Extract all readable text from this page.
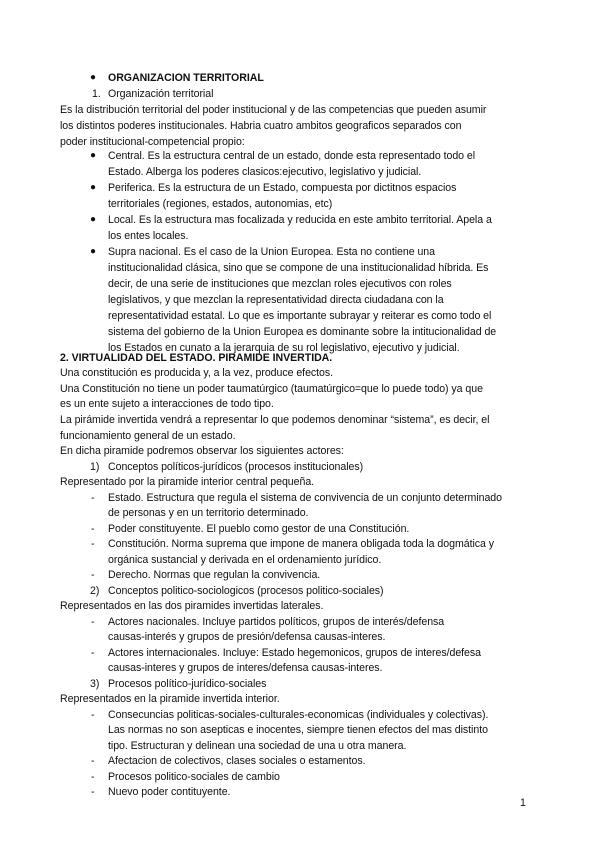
● ORGANIZACION TERRITORIAL
1. Organización territorial
Es la distribución territorial del poder institucional y de las competencias que pueden asumir
los distintos poderes institucionales. Habria cuatro ambitos geograficos separados con
poder institucional-competencial propio:
● Central. Es la estructura central de un estado, donde esta representado todo el
Estado. Alberga los poderes clasicos:ejecutivo, legislativo y judicial.
● Periferica. Es la estructura de un Estado, compuesta por dictitnos espacios
territoriales (regiones, estados, autonomias, etc)
● Local. Es la estructura mas focalizada y reducida en este ambito territorial. Apela a
los entes locales.
● Supra nacional. Es el caso de la Union Europea. Esta no contiene una
institucionalidad clásica, sino que se compone de una institucionalidad híbrida. Es
decir, de una serie de instituciones que mezclan roles ejecutivos con roles
legislativos, y que mezclan la representatividad directa ciudadana con la
representatividad estatal. Lo que es importante subrayar y reiterar es como todo el
sistema del gobierno de la Union Europea es dominante sobre la intitucionalidad de
los Estados en cunato a la jerarquia de su rol legislativo, ejecutivo y judicial.
2. VIRTUALIDAD DEL ESTADO. PIRAMIDE INVERTIDA.
Una constitución es producida y, a la vez, produce efectos.
Una Constitución no tiene un poder taumatúrgico (taumatúrgico=que lo puede todo) ya que
es un ente sujeto a interacciones de todo tipo.
La pirámide invertida vendrá a representar lo que podemos denominar “sistema”, es decir, el
funcionamiento general de un estado.
En dicha piramide podremos observar los siguientes actores:
1) Conceptos políticos-jurídicos (procesos institucionales)
Representado por la piramide interior central pequeña.
- Estado. Estructura que regula el sistema de convivencia de un conjunto determinado
de personas y en un territorio determinado.
- Poder constituyente. El pueblo como gestor de una Constitución.
- Constitución. Norma suprema que impone de manera obligada toda la dogmática y
orgánica sustancial y derivada en el ordenamiento jurídico.
- Derecho. Normas que regulan la convivencia.
2) Conceptos politico-sociologicos (procesos politico-sociales)
Representados en las dos piramides invertidas laterales.
- Actores nacionales. Incluye partidos políticos, grupos de interés/defensa
causas-interés y grupos de presión/defensa causas-interes.
- Actores internacionales. Incluye: Estado hegemonicos, grupos de interes/defesa
causas-interes y grupos de interes/defensa causas-interes.
3) Procesos político-jurídico-sociales
Representados en la piramide invertida interior.
- Consecuncias politicas-sociales-culturales-economicas (individuales y colectivas).
Las normas no son asepticas e inocentes, siempre tienen efectos del mas distinto
tipo. Estructuran y delinean una sociedad de una u otra manera.
- Afectacion de colectivos, clases sociales o estamentos.
- Procesos politico-sociales de cambio
- Nuevo poder contituyente.
1
